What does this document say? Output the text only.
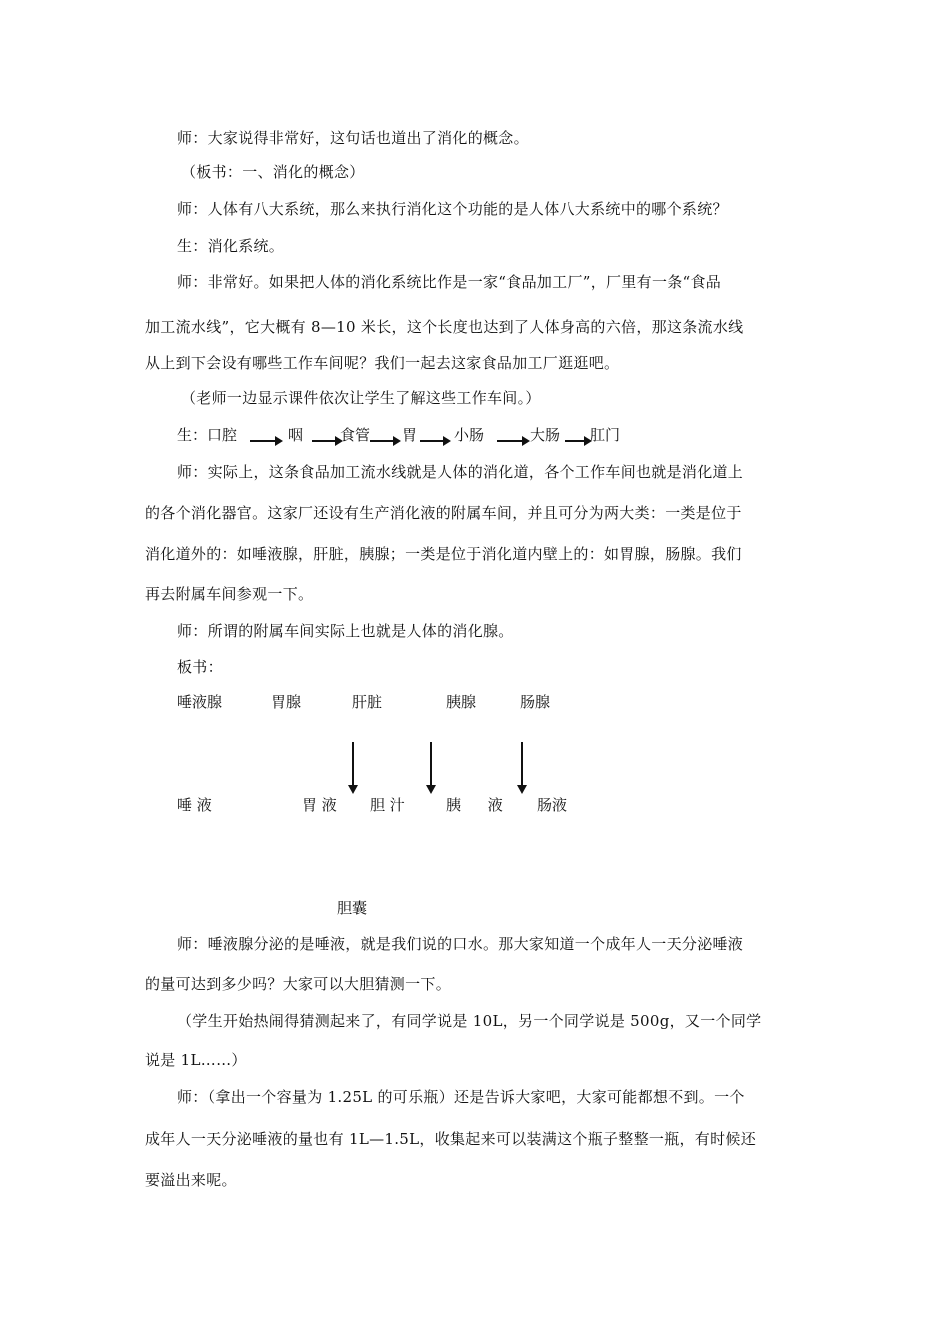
师：大家说得非常好，这句话也道出了消化的概念。
（板书：一、消化的概念）
师：人体有八大系统，那么来执行消化这个功能的是人体八大系统中的哪个系统？
生：消化系统。
师：非常好。如果把人体的消化系统比作是一家“食品加工厂”，厂里有一条“食品
加工流水线”，它大概有 8—10 米长，这个长度也达到了人体身高的六倍，那这条流水线
从上到下会设有哪些工作车间呢？我们一起去这家食品加工厂逛逛吧。
（老师一边显示课件依次让学生了解这些工作车间。）
生：口腔	咽 食管 胃 小肠	大肠 肛门
师：实际上，这条食品加工流水线就是人体的消化道，各个工作车间也就是消化道上
的各个消化器官。这家厂还设有生产消化液的附属车间，并且可分为两大类：一类是位于
消化道外的：如唾液腺，肝脏，胰腺；一类是位于消化道内壁上的：如胃腺，肠腺。我们
再去附属车间参观一下。
师：所谓的附属车间实际上也就是人体的消化腺。
板书：
唾液腺	胃腺	肝脏	胰腺	肠腺
唾 液	胃 液 胆 汁	胰 液 肠液
胆囊
师：唾液腺分泌的是唾液，就是我们说的口水。那大家知道一个成年人一天分泌唾液
的量可达到多少吗？大家可以大胆猜测一下。
（学生开始热闹得猜测起来了，有同学说是 10L，另一个同学说是 500g，又一个同学
说是 1L……）
师：（拿出一个容量为 1.25L 的可乐瓶）还是告诉大家吧，大家可能都想不到。一个
成年人一天分泌唾液的量也有 1L—1.5L，收集起来可以装满这个瓶子整整一瓶，有时候还
要溢出来呢。
